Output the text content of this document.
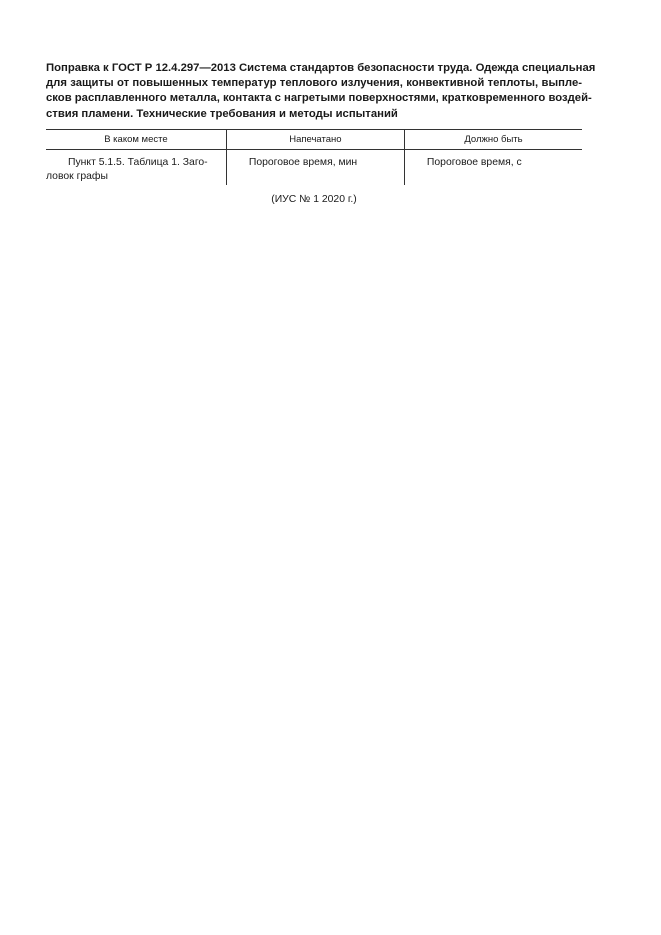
Поправка к ГОСТ Р 12.4.297—2013 Система стандартов безопасности труда. Одежда специальная
для защиты от повышенных температур теплового излучения, конвективной теплоты, выпле-
сков расплавленного металла, контакта с нагретыми поверхностями, кратковременного воздей-
ствия пламени. Технические требования и методы испытаний
В каком месте	Напечатано	Должно быть

Пункт 5.1.5. Таблица 1. Заго-
ловок графы	Пороговое время, мин	Пороговое время, с
(ИУС № 1 2020 г.)
